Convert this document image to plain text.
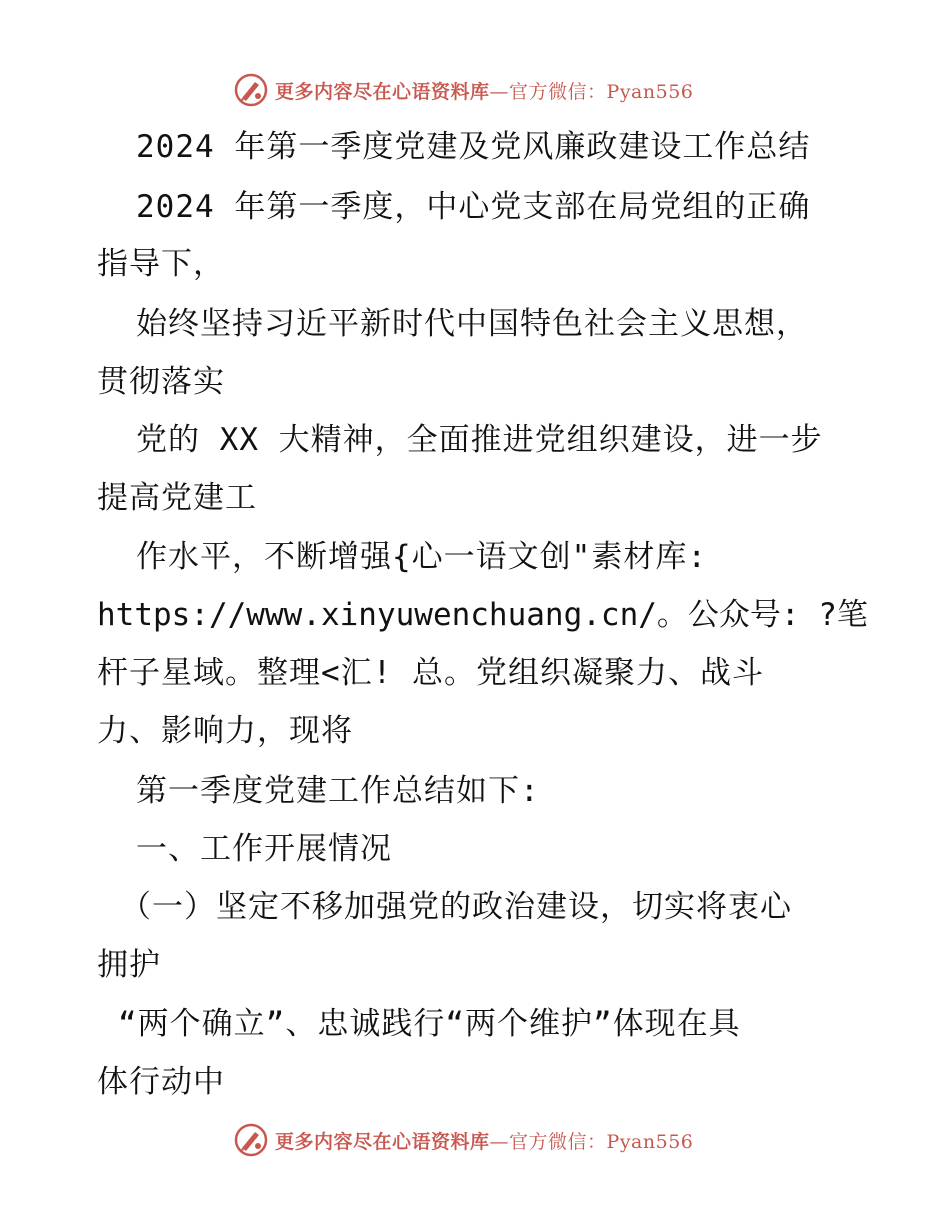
更多内容尽在心语资料库—官方微信：Pyan556
2024 年第一季度党建及党风廉政建设工作总结
2024 年第一季度，中心党支部在局党组的正确
指导下，
始终坚持习近平新时代中国特色社会主义思想，
贯彻落实
党的 XX 大精神，全面推进党组织建设，进一步
提高党建工
作水平，不断增强{心一语文创"素材库:
https://www.xinyuwenchuang.cn/。公众号: ?笔
杆子星域。整理<汇! 总。党组织凝聚力、战斗
力、影响力，现将
第一季度党建工作总结如下:
一、工作开展情况
（一）坚定不移加强党的政治建设，切实将衷心
拥护
“两个确立”、忠诚践行“两个维护”体现在具
体行动中
更多内容尽在心语资料库—官方微信：Pyan556
